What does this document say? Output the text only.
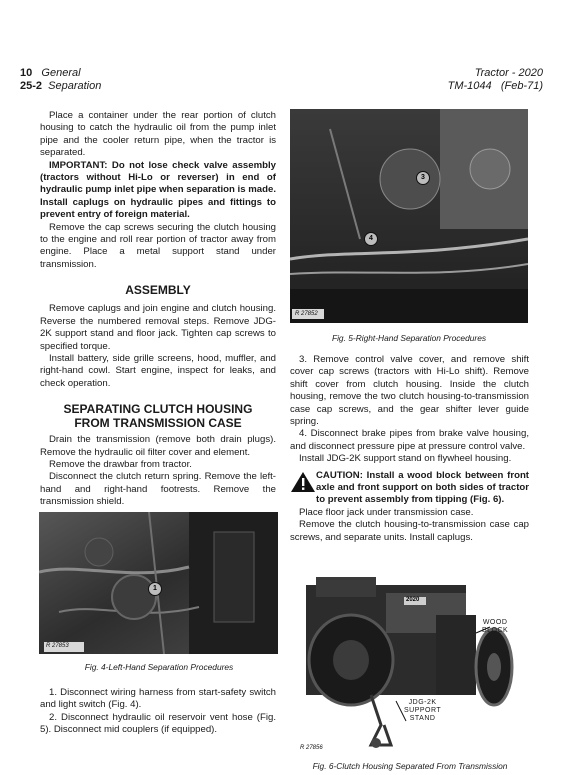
10 General
25-2 Separation
Tractor - 2020
TM-1044 (Feb-71)

Place a container under the rear portion of clutch housing to catch the hydraulic oil from the pump inlet pipe and the cooler return pipe, when the tractor is separated.

IMPORTANT: Do not lose check valve assembly (tractors without Hi-Lo or reverser) in end of hydraulic pump inlet pipe when separation is made. Install caplugs on hydraulic pipes and fittings to prevent entry of foreign material.

Remove the cap screws securing the clutch housing to the engine and roll rear portion of tractor away from engine. Place a metal support stand under transmission.

ASSEMBLY

Remove caplugs and join engine and clutch housing. Reverse the numbered removal steps. Remove JDG-2K support stand and floor jack. Tighten cap screws to specified torque.

Install battery, side grille screens, hood, muffler, and right-hand cowl. Start engine, inspect for leaks, and check operation.

SEPARATING CLUTCH HOUSING
FROM TRANSMISSION CASE

Drain the transmission (remove both drain plugs). Remove the hydraulic oil filter cover and element.

Remove the drawbar from tractor.

Disconnect the clutch return spring. Remove the left-hand and right-hand footrests. Remove the transmission shield.

1
R 27853
Fig. 4-Left-Hand Separation Procedures

1. Disconnect wiring harness from start-safety switch and light switch (Fig. 4).

2. Disconnect hydraulic oil reservoir vent hose (Fig. 5). Disconnect mid couplers (if equipped).

3
4
R 27852
Fig. 5-Right-Hand Separation Procedures

3. Remove control valve cover, and remove shift cover cap screws (tractors with Hi-Lo shift). Remove shift cover from clutch housing. Inside the clutch housing, remove the two clutch housing-to-transmission case cap screws, and the gear shifter lever guide spring.

4. Disconnect brake pipes from brake valve housing, and disconnect pressure pipe at pressure control valve.

Install JDG-2K support stand on flywheel housing.

CAUTION: Install a wood block between front axle and front support on both sides of tractor to prevent assembly from tipping (Fig. 6).

Place floor jack under transmission case.

Remove the clutch housing-to-transmission case cap screws, and separate units. Install caplugs.

WOOD
BLOCK
JDG-2K
SUPPORT
STAND
2020
R 27856
Fig. 6-Clutch Housing Separated From Transmission
